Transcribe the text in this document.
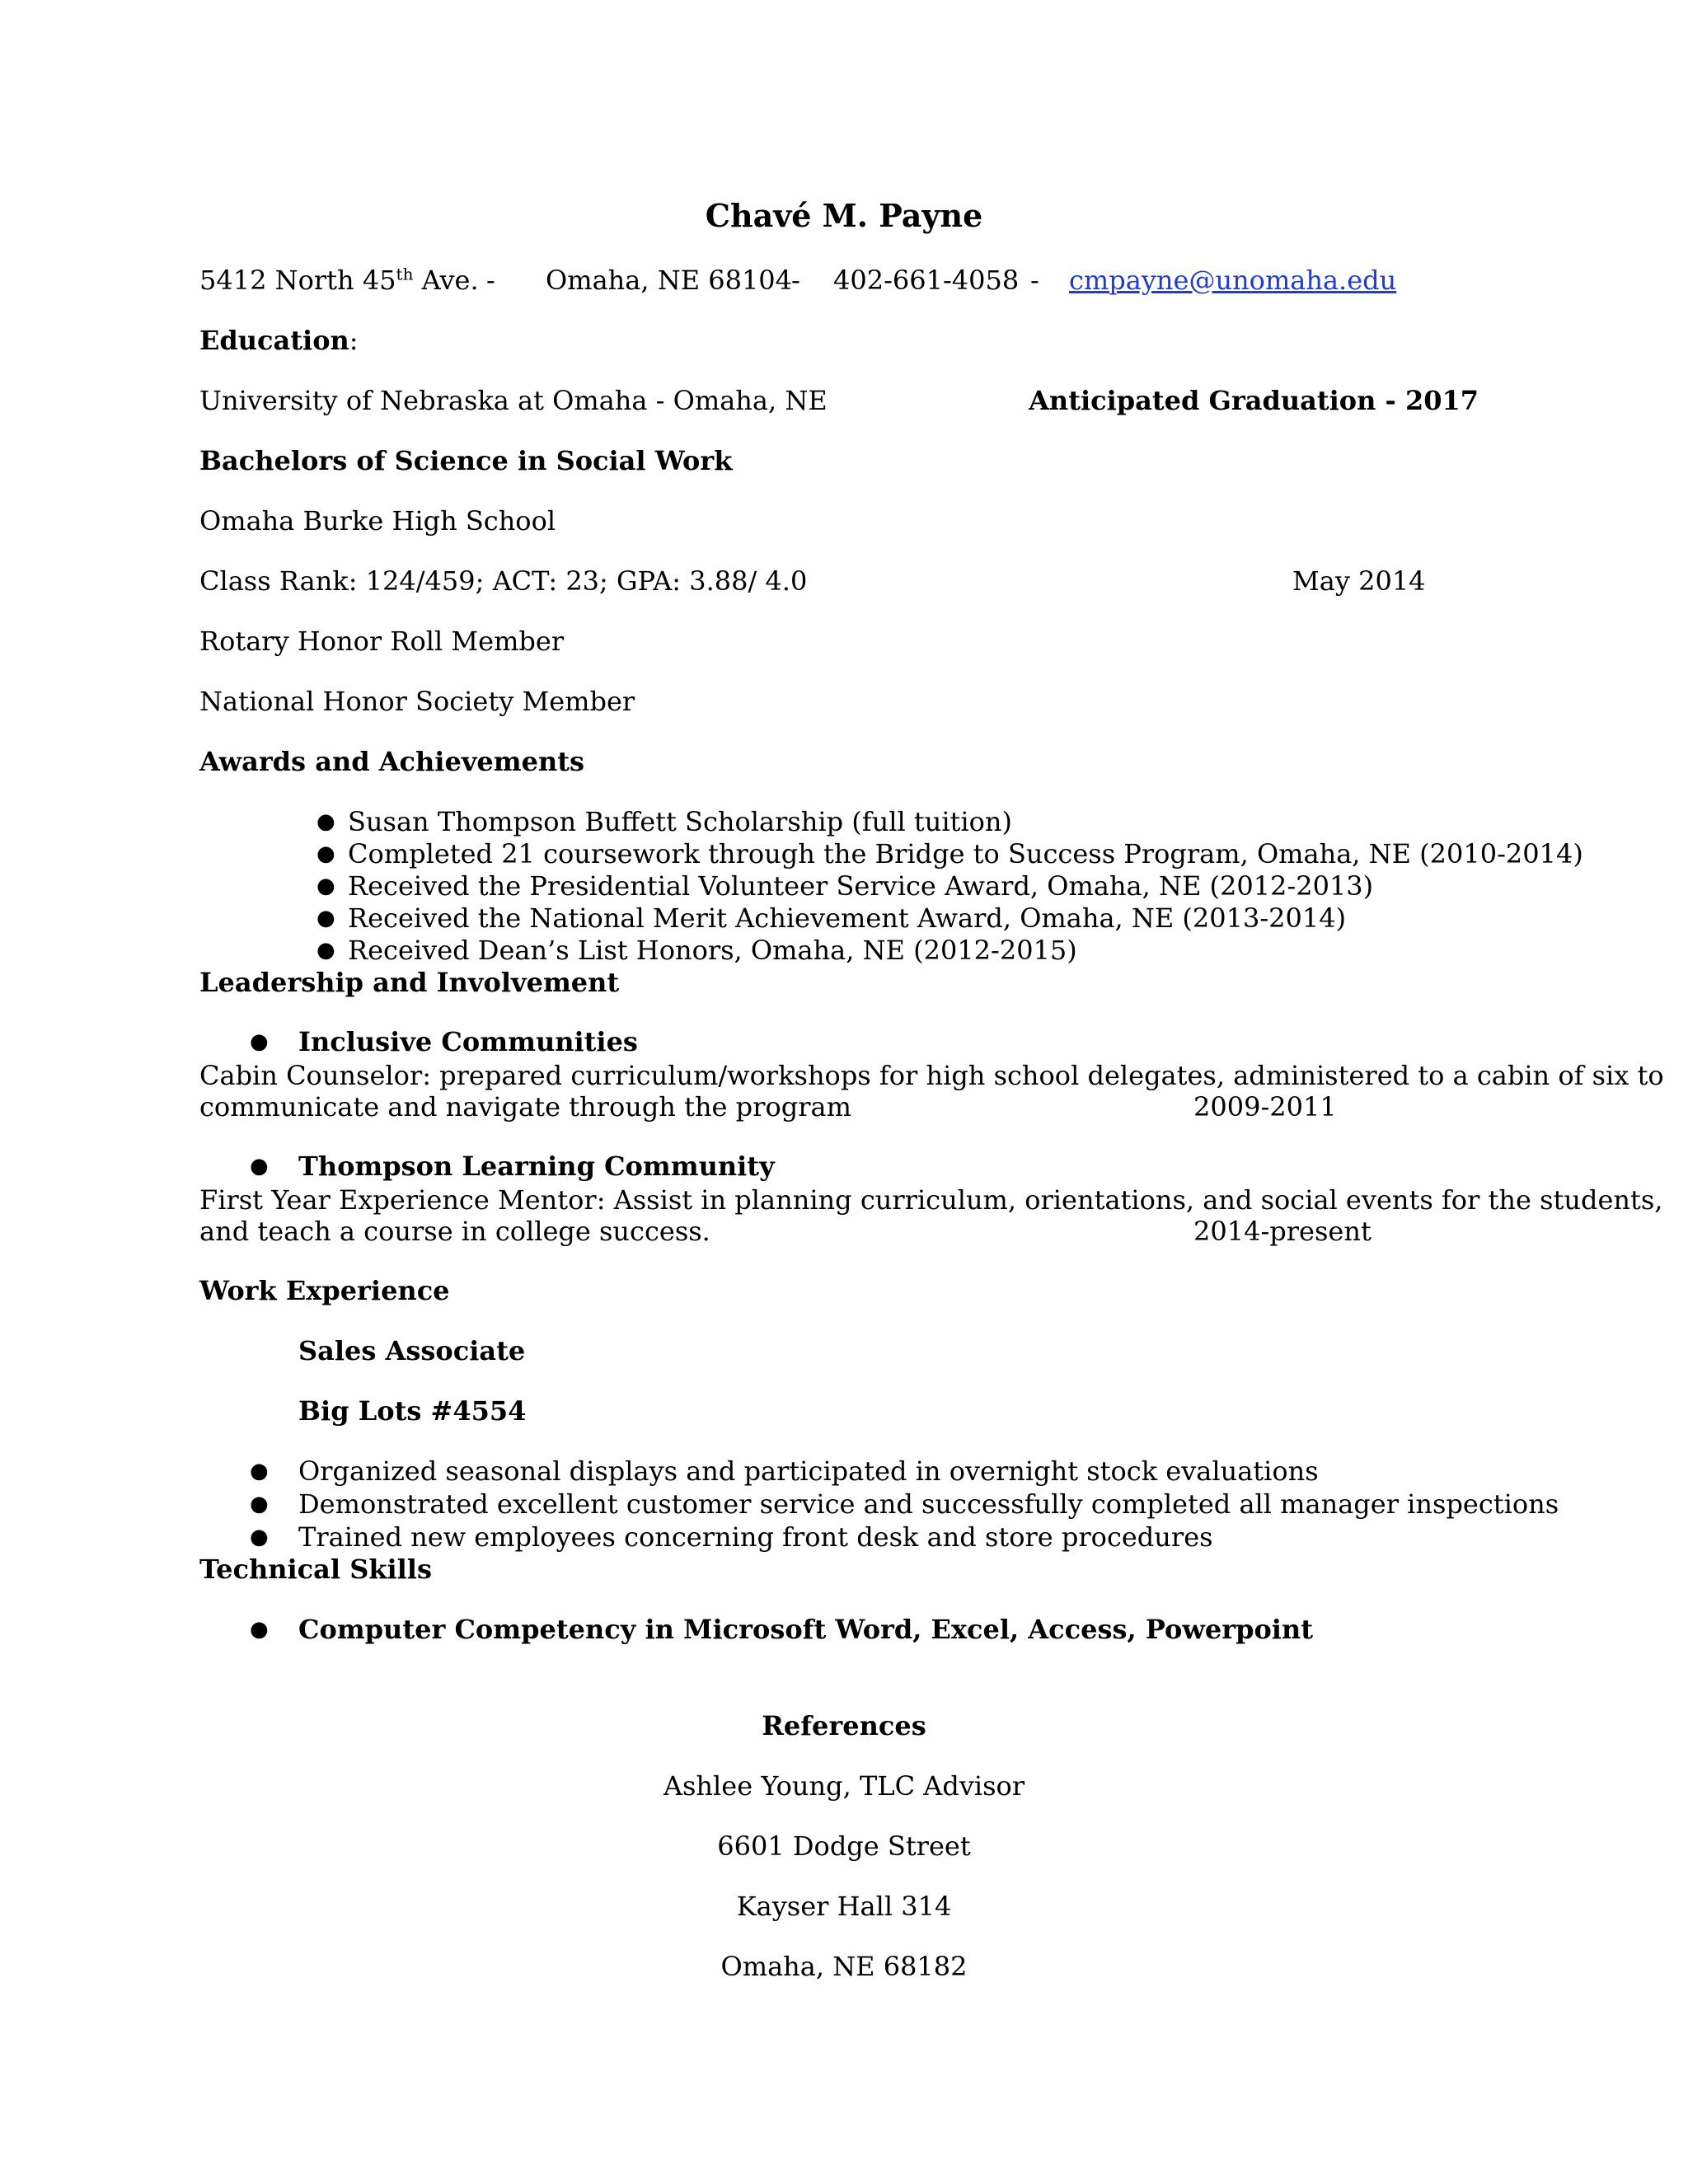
Chavé M. Payne
5412 North 45th Ave. - Omaha, NE 68104
- 402-661-4058 - cmpayne@unomaha.edu
Education:
University of Nebraska at Omaha - Omaha, NE	Anticipated Graduation - 2017
Bachelors of Science in Social Work
Omaha Burke High School
Class Rank: 124/459; ACT: 23; GPA: 3.88/ 4.0	May 2014
Rotary Honor Roll Member
National Honor Society Member
Awards and Achievements
● Susan Thompson Buffett Scholarship (full tuition)
● Completed 21 coursework through the Bridge to Success Program, Omaha, NE (2010-2014)
● Received the Presidential Volunteer Service Award, Omaha, NE (2012-2013)
● Received the National Merit Achievement Award, Omaha, NE (2013-2014)
● Received Dean’s List Honors, Omaha, NE (2012-2015)
Leadership and Involvement
● Inclusive Communities
Cabin Counselor: prepared curriculum/workshops for high school delegates, administered to a cabin of six to
communicate and navigate through the program	2009-2011
● Thompson Learning Community
First Year Experience Mentor: Assist in planning curriculum, orientations, and social events for the students,
and teach a course in college success.	2014-present
Work Experience
Sales Associate
Big Lots #4554
● Organized seasonal displays and participated in overnight stock evaluations
● Demonstrated excellent customer service and successfully completed all manager inspections
● Trained new employees concerning front desk and store procedures
Technical Skills
● Computer Competency in Microsoft Word, Excel, Access, Powerpoint
References
Ashlee Young, TLC Advisor
6601 Dodge Street
Kayser Hall 314
Omaha, NE 68182
